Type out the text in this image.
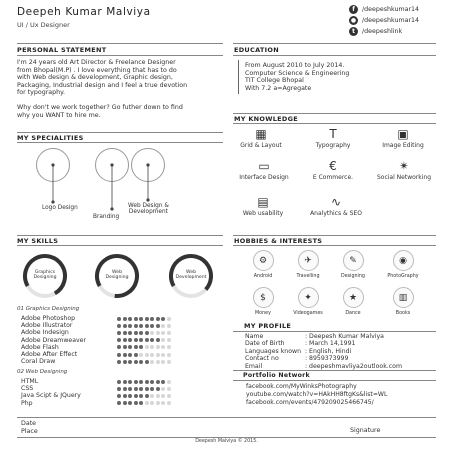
Deepeh Kumar Malviya
UI / Ux Designer
f	/deepeshkumar14
● /deepeshkumar14
t	/deepeshlink
PERSONAL STATEMENT
I'm 24 years old Art Director & Freelance Designer
from Bhopal(M.P) . I love everything that has to do
with Web design & development, Graphic design,
Packaging, Industrial design and I feel a true devotion
for typography.
Why don't we work together? Go futher down to find
why you WANT to hire me.
EDUCATION
From August 2010 to July 2014.
Computer Science & Engineering
TIT College Bhopal
With 7.2 a=Agregate
MY SPECIALITIES
Logo Design
Branding
Web Design &
Development
MY KNOWLEDGE
▦
Grid & Layout
T
Typography
▣
Image Editing
▭
Interface Design
€
E Commerce.
✴
Social Networking
▤
Web usability
∿
Analythics & SEO
MY SKILLS
Graphics
Designing
Web
Designing
Web
Development
01 Graphics Designing
Adobe Photoshop
Adobe Illustrator
Adobe Indesign
Adobe Dreamweaver
Adobe Flash
Adobe After Effect
Coral Draw
02 Web Designing
HTML
CSS
Java Scipt & JQuery
Php
HOBBIES & INTERESTS
⚙
Android
✈
Travelling
✎
Designing
◉
PhotoGraphy
$
Money
✦
Videogames
★
Dance
▥
Books
MY PROFILE
Name	: Deepesh Kumar Malviya
Date of Birth	: March 14,1991
Languages known : English, Hindi
Contact no	: 8959373999
Email	: deepeshmavliya2outlook.com
Portfolio Network
facebook.com/MyWinksPhotography
youtube.com/watch?v=HAkHH8ftgKs&list=WL
facebook.com/events/479209025466745/
Date
Place	Signature
Deepesh Malviya © 2015.
